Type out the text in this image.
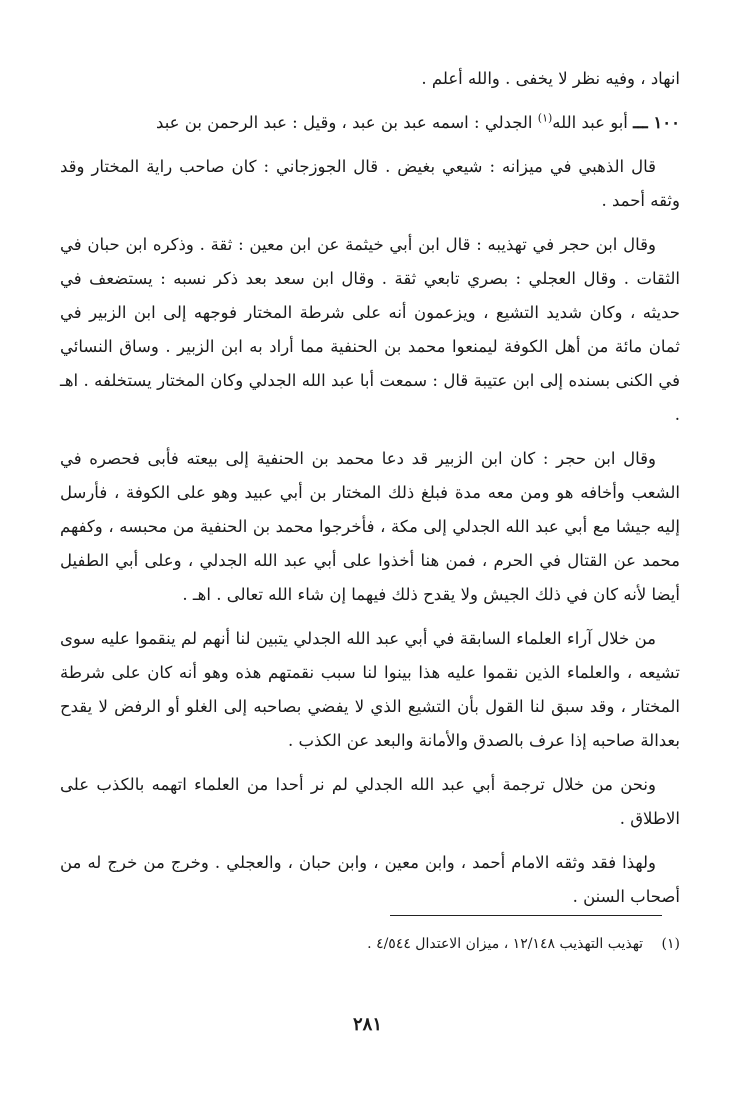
انهاد ، وفيه نظر لا يخفى . والله أعلم .

١٠٠ ـــ أبو عبد الله$^{(١)}$ الجدلي : اسمه عبد بن عبد ، وقيل : عبد الرحمن بن عبد

قال الذهبي في ميزانه : شيعي بغيض . قال الجوزجاني : كان صاحب راية المختار وقد وثقه أحمد .

وقال ابن حجر في تهذيبه : قال ابن أبي خيثمة عن ابن معين : ثقة . وذكره ابن حبان في الثقات . وقال العجلي : بصري تابعي ثقة . وقال ابن سعد بعد ذكر نسبه : يستضعف في حديثه ، وكان شديد التشيع ، ويزعمون أنه على شرطة المختار فوجهه إلى ابن الزبير في ثمان مائة من أهل الكوفة ليمنعوا محمد بن الحنفية مما أراد به ابن الزبير . وساق النسائي في الكنى بسنده إلى ابن عتيبة قال : سمعت أبا عبد الله الجدلي وكان المختار يستخلفه . اهـ .

وقال ابن حجر : كان ابن الزبير قد دعا محمد بن الحنفية إلى بيعته فأبى فحصره في الشعب وأخافه هو ومن معه مدة فبلغ ذلك المختار بن أبي عبيد وهو على الكوفة ، فأرسل إليه جيشا مع أبي عبد الله الجدلي إلى مكة ، فأخرجوا محمد بن الحنفية من محبسه ، وكفهم محمد عن القتال في الحرم ، فمن هنا أخذوا على أبي عبد الله الجدلي ، وعلى أبي الطفيل أيضا لأنه كان في ذلك الجيش ولا يقدح ذلك فيهما إن شاء الله تعالى . اهـ .

من خلال آراء العلماء السابقة في أبي عبد الله الجدلي يتبين لنا أنهم لم ينقموا عليه سوى تشيعه ، والعلماء الذين نقموا عليه هذا بينوا لنا سبب نقمتهم هذه وهو أنه كان على شرطة المختار ، وقد سبق لنا القول بأن التشيع الذي لا يفضي بصاحبه إلى الغلو أو الرفض لا يقدح بعدالة صاحبه إذا عرف بالصدق والأمانة والبعد عن الكذب .

ونحن من خلال ترجمة أبي عبد الله الجدلي لم نر أحدا من العلماء اتهمه بالكذب على الاطلاق .

ولهذا فقد وثقه الامام أحمد ، وابن معين ، وابن حبان ، والعجلي . وخرج من خرج له من أصحاب السنن .

(١) تهذيب التهذيب ١٢/١٤٨ ، ميزان الاعتدال ٤/٥٤٤ .
٢٨١
